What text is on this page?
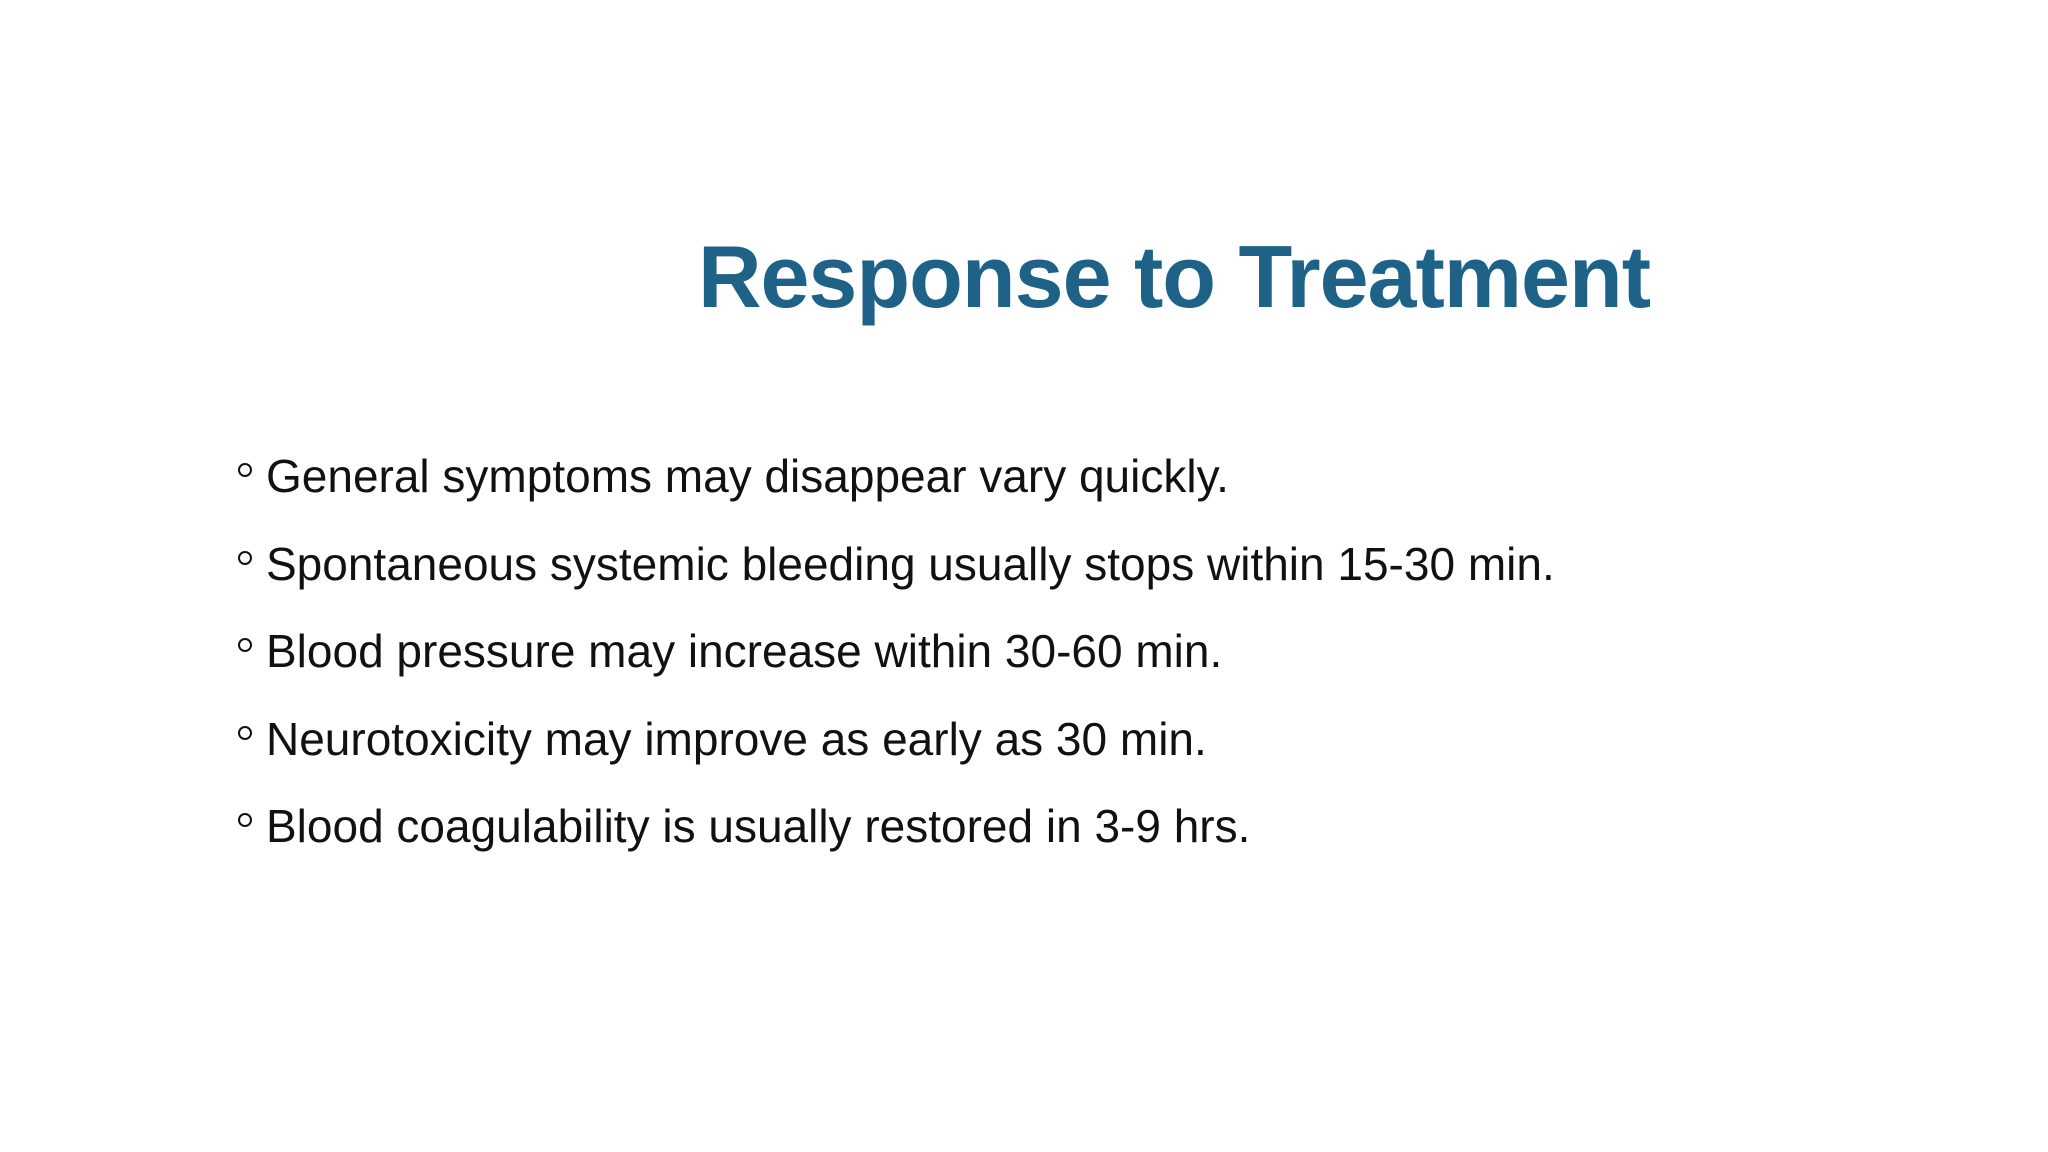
Response to Treatment
General symptoms may disappear vary quickly.
Spontaneous systemic bleeding usually stops within 15-30 min.
Blood pressure may increase within 30-60 min.
Neurotoxicity may improve as early as 30 min.
Blood coagulability is usually restored in 3-9 hrs.
